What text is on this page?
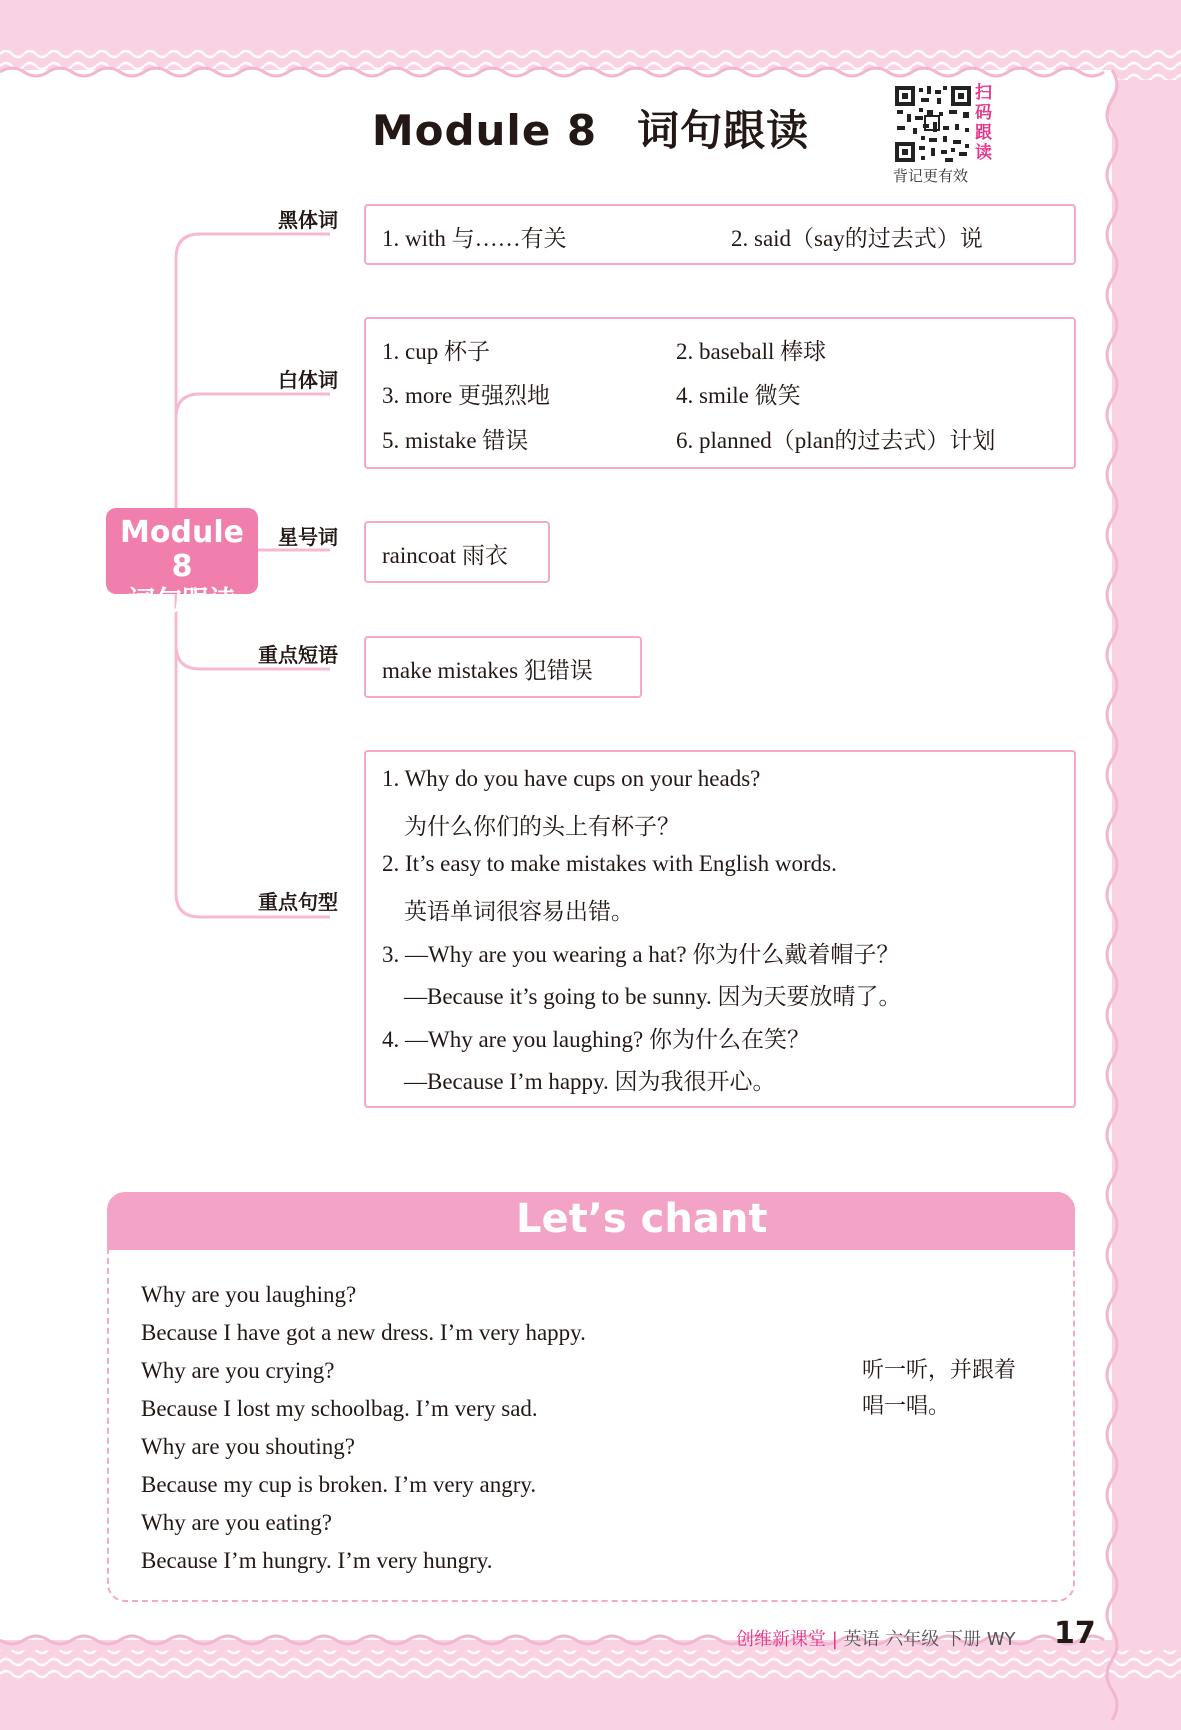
Module 8 词句跟读
扫码跟读
背记更有效
黑体词
白体词
星号词
重点短语
重点句型
Module 8
词句跟读
1. with 与……有关	2. said（say的过去式）说
1. cup 杯子	2. baseball 棒球
3. more 更强烈地	4. smile 微笑
5. mistake 错误	6. planned（plan的过去式）计划
raincoat 雨衣
make mistakes 犯错误
1. Why do you have cups on your heads?
为什么你们的头上有杯子？
2. It’s easy to make mistakes with English words.
英语单词很容易出错。
3. —Why are you wearing a hat? 你为什么戴着帽子？
—Because it’s going to be sunny. 因为天要放晴了。
4. —Why are you laughing? 你为什么在笑？
—Because I’m happy. 因为我很开心。
Let’s chant
Why are you laughing?
Because I have got a new dress. I’m very happy.
Why are you crying?
Because I lost my schoolbag. I’m very sad.
Why are you shouting?
Because my cup is broken. I’m very angry.
Why are you eating?
Because I’m hungry. I’m very hungry.
听一听，并跟着唱一唱。
创维新课堂 | 英语 六年级 下册 WY 17
